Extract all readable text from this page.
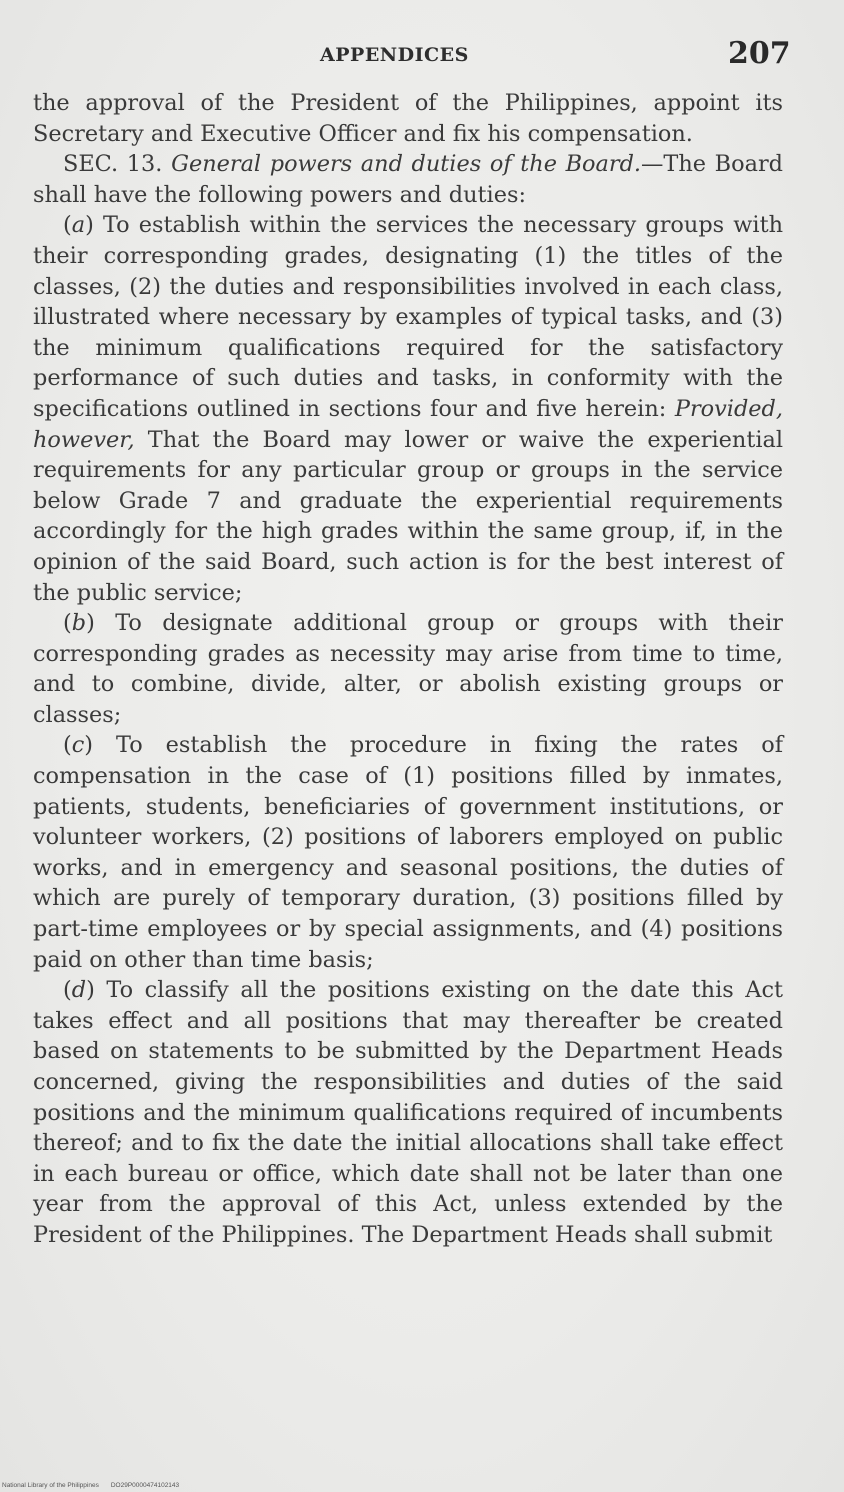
APPENDICES	207

the approval of the President of the Philippines, appoint its Secretary and Executive Officer and fix his compensation.

SEC. 13. General powers and duties of the Board.—The Board shall have the following powers and duties:

(a) To establish within the services the necessary groups with their corresponding grades, designating (1) the titles of the classes, (2) the duties and responsibilities involved in each class, illustrated where necessary by examples of typical tasks, and (3) the minimum qualifications required for the satisfactory performance of such duties and tasks, in conformity with the specifications outlined in sections four and five herein: Provided, however, That the Board may lower or waive the experiential requirements for any particular group or groups in the service below Grade 7 and graduate the experiential requirements accordingly for the high grades within the same group, if, in the opinion of the said Board, such action is for the best interest of the public service;

(b) To designate additional group or groups with their corresponding grades as necessity may arise from time to time, and to combine, divide, alter, or abolish existing groups or classes;

(c) To establish the procedure in fixing the rates of compensation in the case of (1) positions filled by inmates, patients, students, beneficiaries of government institutions, or volunteer workers, (2) positions of laborers employed on public works, and in emergency and seasonal positions, the duties of which are purely of temporary duration, (3) positions filled by part-time employees or by special assignments, and (4) positions paid on other than time basis;

(d) To classify all the positions existing on the date this Act takes effect and all positions that may thereafter be created based on statements to be submitted by the Department Heads concerned, giving the responsibilities and duties of the said positions and the minimum qualifications required of incumbents thereof; and to fix the date the initial allocations shall take effect in each bureau or office, which date shall not be later than one year from the approval of this Act, unless extended by the President of the Philippines. The Department Heads shall submit

National Library of the Philippines DO29P0000474102143
